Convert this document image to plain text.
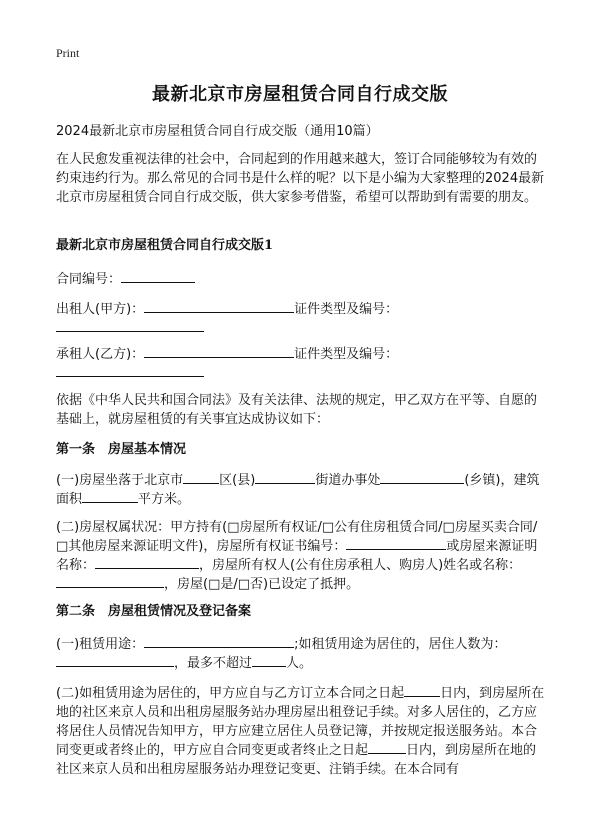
Print
最新北京市房屋租赁合同自行成交版

2024最新北京市房屋租赁合同自行成交版（通用10篇）

在人民愈发重视法律的社会中，合同起到的作用越来越大，签订合同能够较为有效的约束违约行为。那么常见的合同书是什么样的呢？以下是小编为大家整理的2024最新北京市房屋租赁合同自行成交版，供大家参考借鉴，希望可以帮助到有需要的朋友。

最新北京市房屋租赁合同自行成交版1

合同编号：

出租人(甲方)：	证件类型及编号：

承租人(乙方)：	证件类型及编号：

依据《中华人民共和国合同法》及有关法律、法规的规定，甲乙双方在平等、自愿的基础上，就房屋租赁的有关事宜达成协议如下：

第一条　房屋基本情况

(一)房屋坐落于北京市	区(县)	街道办事处	(乡镇)，建筑面积	平方米。

(二)房屋权属状况：甲方持有(□房屋所有权证/□公有住房租赁合同/□房屋买卖合同/□其他房屋来源证明文件)，房屋所有权证书编号：	或房屋来源证明名称：	，房屋所有权人(公有住房承租人、购房人)姓名或名称：，房屋(□是/□否)已设定了抵押。

第二条　房屋租赁情况及登记备案

(一)租赁用途：	;如租赁用途为居住的，居住人数为：，最多不超过	人。

(二)如租赁用途为居住的，甲方应自与乙方订立本合同之日起	日内，到房屋所在地的社区来京人员和出租房屋服务站办理房屋出租登记手续。对多人居住的，乙方应将居住人员情况告知甲方，甲方应建立居住人员登记簿，并按规定报送服务站。本合同变更或者终止的，甲方应自合同变更或者终止之日起	日内，到房屋所在地的社区来京人员和出租房屋服务站办理登记变更、注销手续。在本合同有
